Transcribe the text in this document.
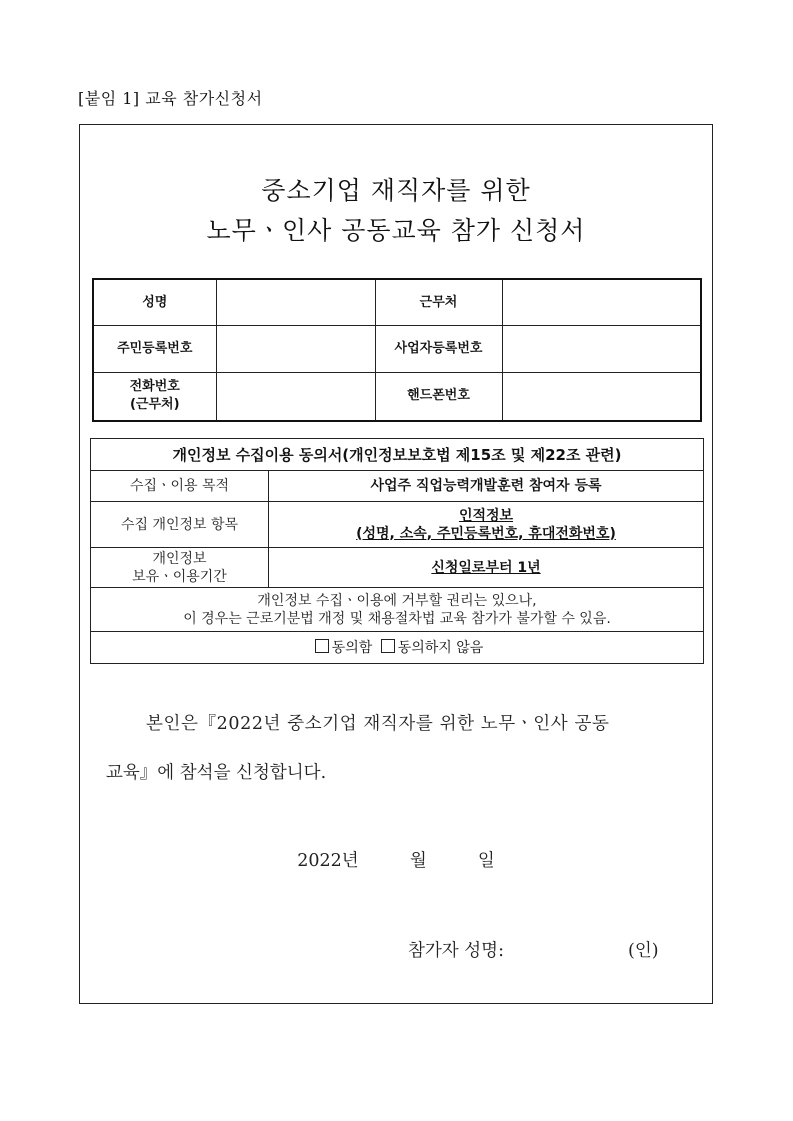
[붙임 1] 교육 참가신청서
중소기업 재직자를 위한
노무ㆍ인사 공동교육 참가 신청서
성명		근무처	
주민등록번호		사업자등록번호	

전화번호
(근무처)		핸드폰번호	
개인정보 수집이용 동의서(개인정보보호법 제15조 및 제22조 관련)	
수집ㆍ이용 목적	사업주 직업능력개발훈련 참여자 등록
수집 개인정보 항목	인적정보
(성명, 소속, 주민등록번호, 휴대전화번호)

개인정보
보유ㆍ이용기간	신청일로부터 1년

개인정보 수집ㆍ이용에 거부할 권리는 있으나,
이 경우는 근로기분법 개정 및 채용절차법 교육 참가가 불가할 수 있음.	

동의함 동의하지 않음	
본인은『2022년 중소기업 재직자를 위한 노무ㆍ인사 공동
교육』에 참석을 신청합니다.
2022년	월	일
참가자 성명:	(인)
